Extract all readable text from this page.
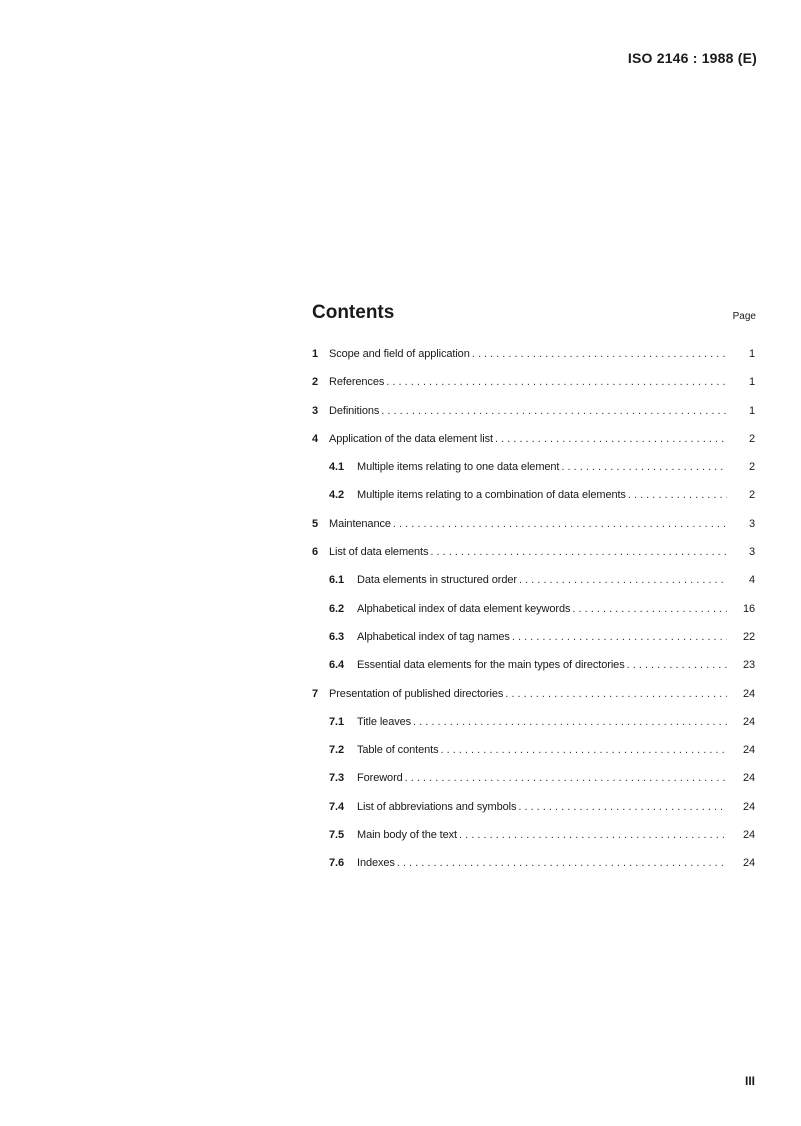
ISO 2146 : 1988 (E)
Contents	Page
1 Scope and field of application . . .	1
2 References . . .	1
3 Definitions . . .	1
4 Application of the data element list . . .	2
4.1	Multiple items relating to one data element . . .	2
4.2	Multiple items relating to a combination of data elements . . .	2
5 Maintenance . . .	3
6 List of data elements . . .	3
6.1	Data elements in structured order . . .	4
6.2	Alphabetical index of data element keywords . . .	16
6.3	Alphabetical index of tag names . . .	22
6.4	Essential data elements for the main types of directories . . .	23
7 Presentation of published directories . . .	24
7.1	Title leaves . . .	24
7.2	Table of contents . . .	24
7.3	Foreword . . .	24
7.4	List of abbreviations and symbols . . .	24
7.5	Main body of the text . . .	24
7.6	Indexes . . .	24
III
